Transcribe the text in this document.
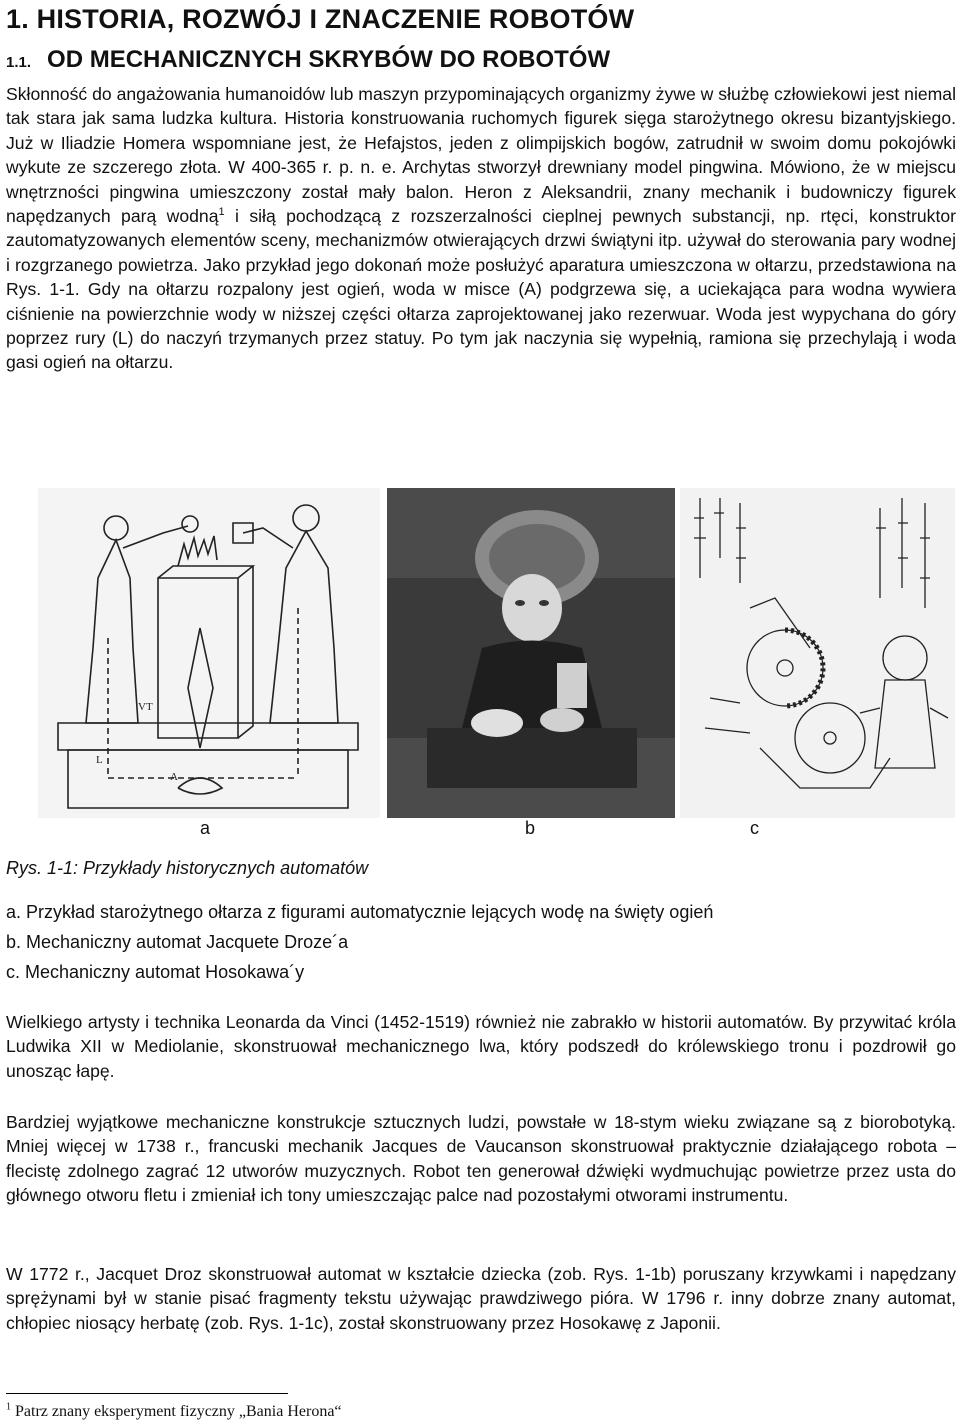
1. HISTORIA, ROZWÓJ I ZNACZENIE ROBOTÓW
1.1. OD MECHANICZNYCH SKRYBÓW DO ROBOTÓW

Skłonność do angażowania humanoidów lub maszyn przypominających organizmy żywe w służbę człowiekowi jest niemal tak stara jak sama ludzka kultura. Historia konstruowania ruchomych figurek sięga starożytnego okresu bizantyjskiego. Już w Iliadzie Homera wspomniane jest, że Hefajstos, jeden z olimpijskich bogów, zatrudnił w swoim domu pokojówki wykute ze szczerego złota. W 400-365 r. p. n. e. Archytas stworzył drewniany model pingwina. Mówiono, że w miejscu wnętrzności pingwina umieszczony został mały balon. Heron z Aleksandrii, znany mechanik i budowniczy figurek napędzanych parą wodną$^1$ i siłą pochodzącą z rozszerzalności cieplnej pewnych substancji, np. rtęci, konstruktor zautomatyzowanych elementów sceny, mechanizmów otwierających drzwi świątyni itp. używał do sterowania pary wodnej i rozgrzanego powietrza. Jako przykład jego dokonań może posłużyć aparatura umieszczona w ołtarzu, przedstawiona na Rys. 1-1. Gdy na ołtarzu rozpalony jest ogień, woda w misce (A) podgrzewa się, a uciekająca para wodna wywiera ciśnienie na powierzchnie wody w niższej części ołtarza zaprojektowanej jako rezerwuar. Woda jest wypychana do góry poprzez rury (L) do naczyń trzymanych przez statuy. Po tym jak naczynia się wypełnią, ramiona się przechylają i woda gasi ogień na ołtarzu.

A
VT
L
a	b	c
Rys. 1-1: Przykłady historycznych automatów
a. Przykład starożytnego ołtarza z figurami automatycznie lejących wodę na święty ogień
b. Mechaniczny automat Jacquete Droze´a
c. Mechaniczny automat Hosokawa´y

Wielkiego artysty i technika Leonarda da Vinci (1452-1519) również nie zabrakło w historii automatów. By przywitać króla Ludwika XII w Mediolanie, skonstruował mechanicznego lwa, który podszedł do królewskiego tronu i pozdrowił go unosząc łapę.

Bardziej wyjątkowe mechaniczne konstrukcje sztucznych ludzi, powstałe w 18-stym wieku związane są z biorobotyką. Mniej więcej w 1738 r., francuski mechanik Jacques de Vaucanson skonstruował praktycznie działającego robota – flecistę zdolnego zagrać 12 utworów muzycznych. Robot ten generował dźwięki wydmuchując powietrze przez usta do głównego otworu fletu i zmieniał ich tony umieszczając palce nad pozostałymi otworami instrumentu.

W 1772 r., Jacquet Droz skonstruował automat w kształcie dziecka (zob. Rys. 1-1b) poruszany krzywkami i napędzany sprężynami był w stanie pisać fragmenty tekstu używając prawdziwego pióra. W 1796 r. inny dobrze znany automat, chłopiec niosący herbatę (zob. Rys. 1-1c), został skonstruowany przez Hosokawę z Japonii.

$^1$ Patrz znany eksperyment fizyczny „Bania Herona“
